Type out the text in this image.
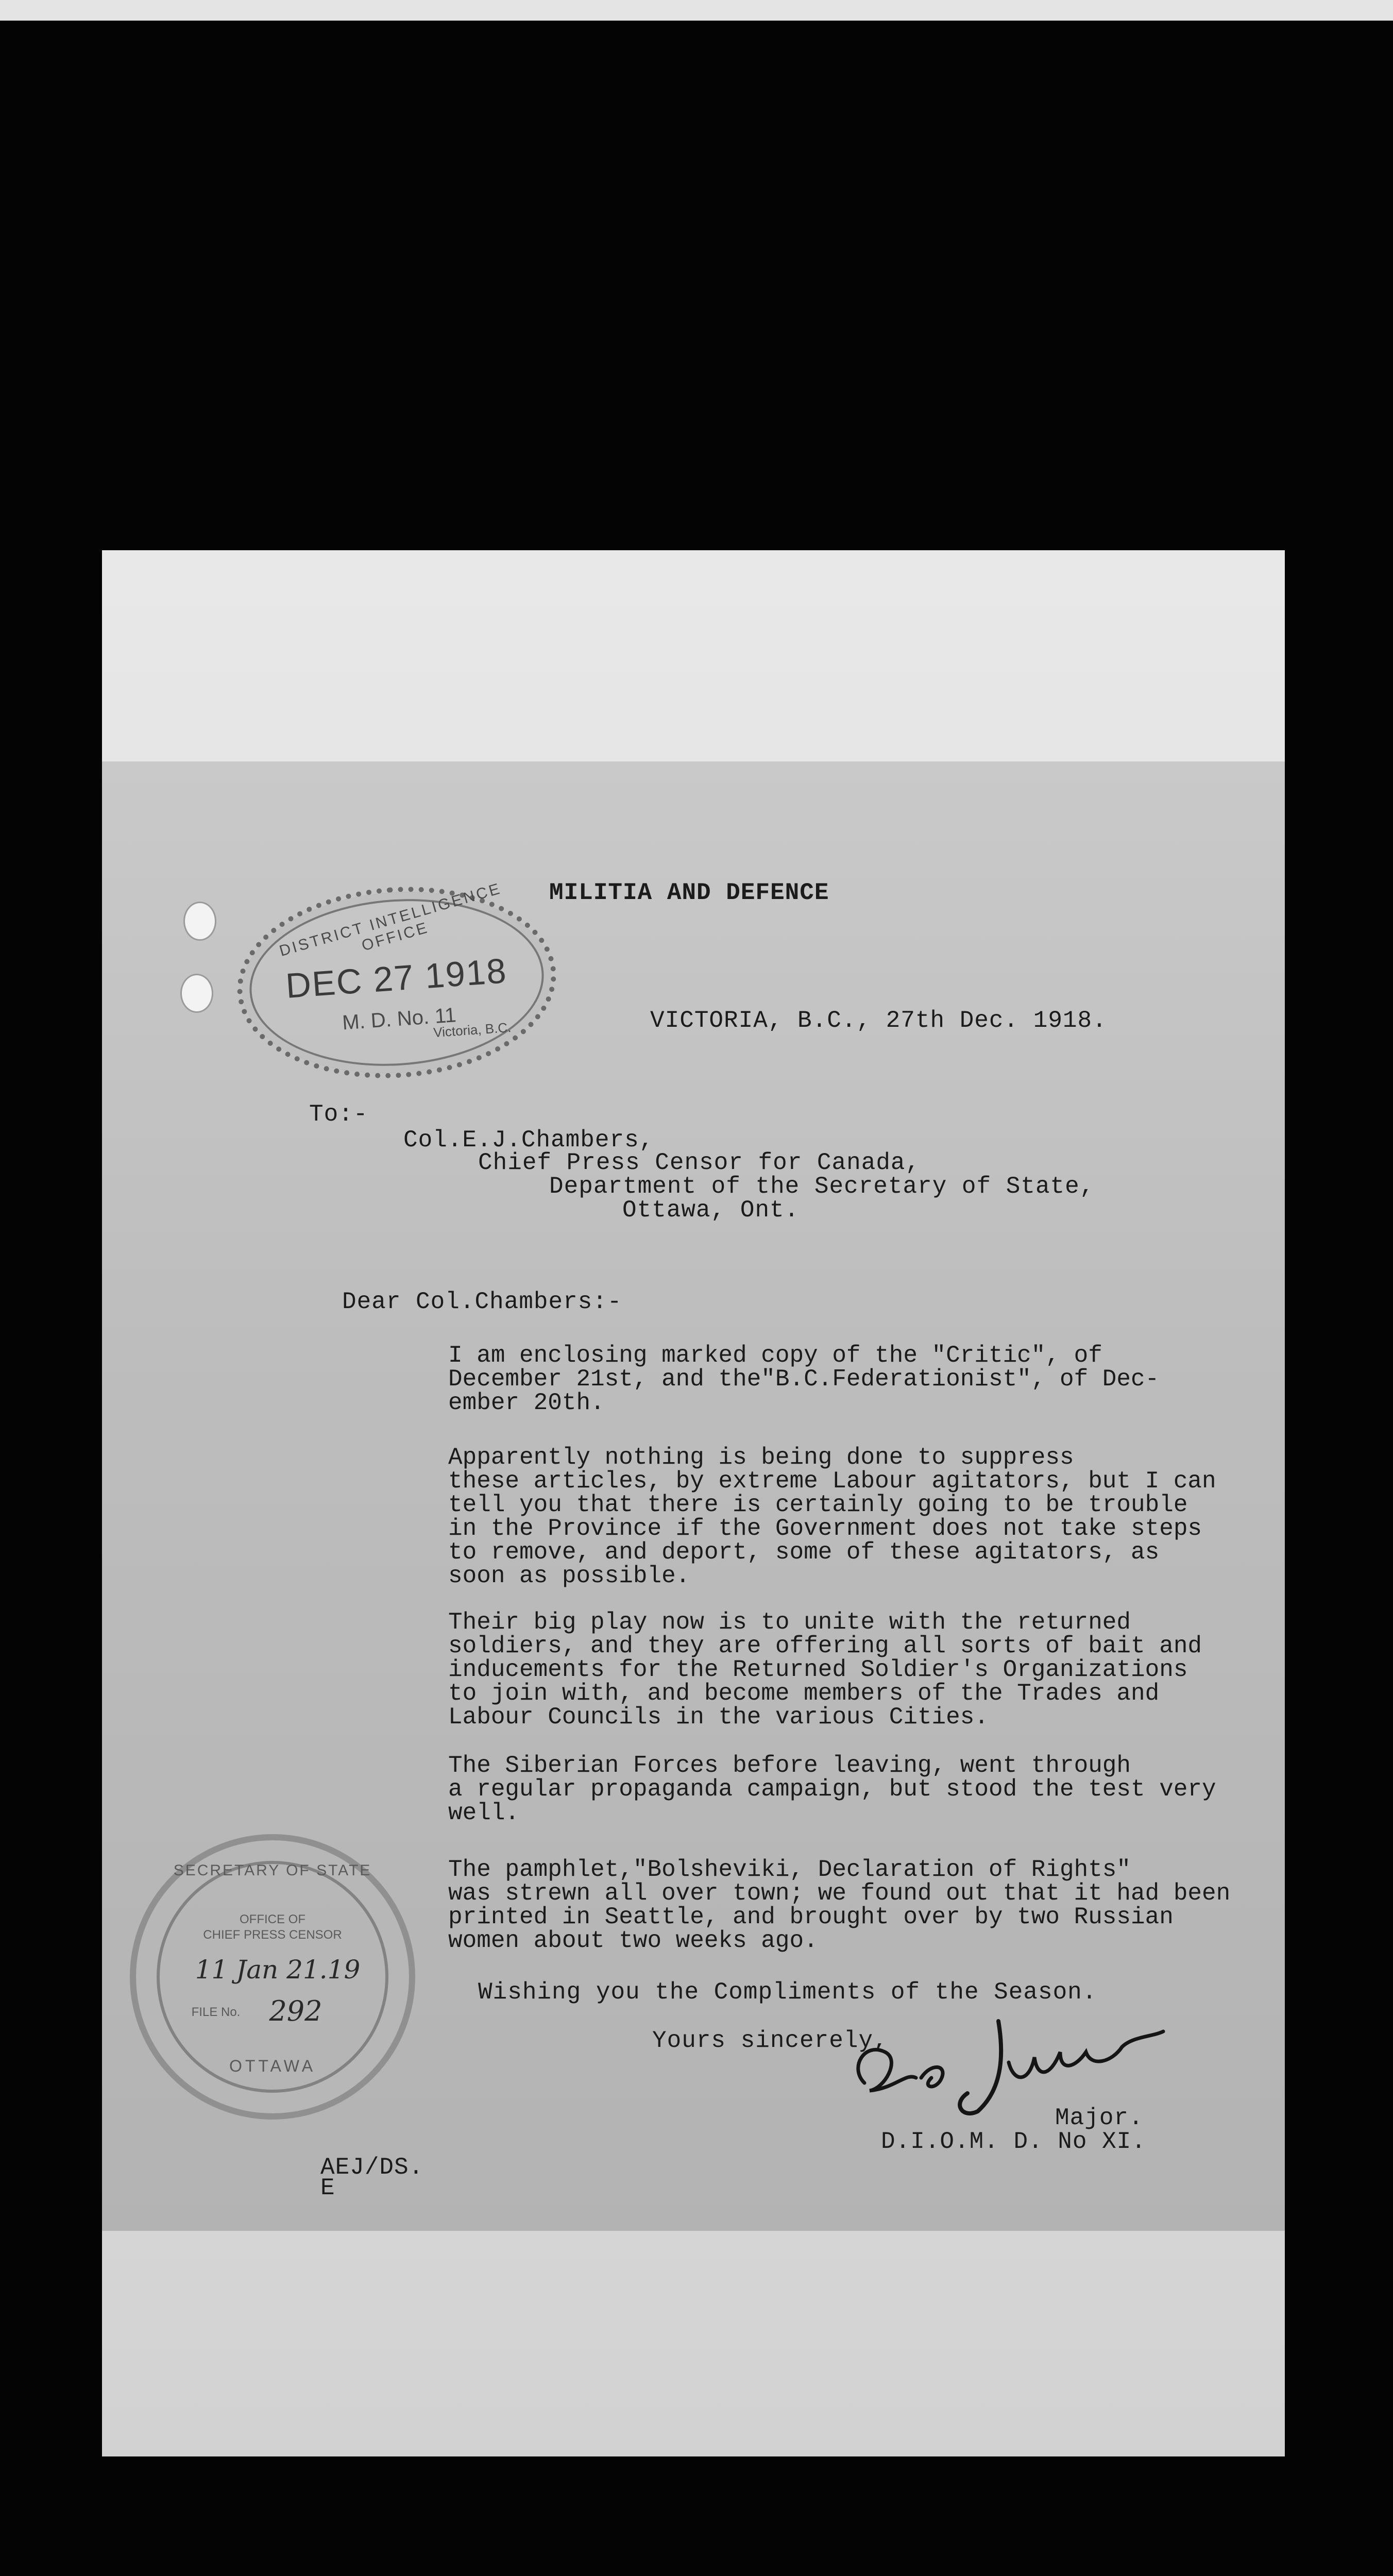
MILITIA AND DEFENCE
VICTORIA, B.C., 27th Dec. 1918.
To:-
Col.E.J.Chambers,
Chief Press Censor for Canada,
Department of the Secretary of State,
Ottawa, Ont.
Dear Col.Chambers:-
I am enclosing marked copy of the "Critic", of
December 21st, and the"B.C.Federationist", of Dec-
ember 20th.
Apparently nothing is being done to suppress
these articles, by extreme Labour agitators, but I can
tell you that there is certainly going to be trouble
in the Province if the Government does not take steps
to remove, and deport, some of these agitators, as
soon as possible.
Their big play now is to unite with the returned
soldiers, and they are offering all sorts of bait and
inducements for the Returned Soldier's Organizations
to join with, and become members of the Trades and
Labour Councils in the various Cities.
The Siberian Forces before leaving, went through
a regular propaganda campaign, but stood the test very
well.
The pamphlet,"Bolsheviki, Declaration of Rights"
was strewn all over town; we found out that it had been
printed in Seattle, and brought over by two Russian
women about two weeks ago.
Wishing you the Compliments of the Season.
Yours sincerely,
Major.
D.I.O.M. D. No XI.
AEJ/DS.
E
DISTRICT INTELLIGENCE OFFICE
DEC 27 1918
M. D. No. 11
Victoria, B.C.
SECRETARY OF STATE
OFFICE OF
CHIEF PRESS CENSOR
11 Jan 21.19
FILE No.	292
OTTAWA
